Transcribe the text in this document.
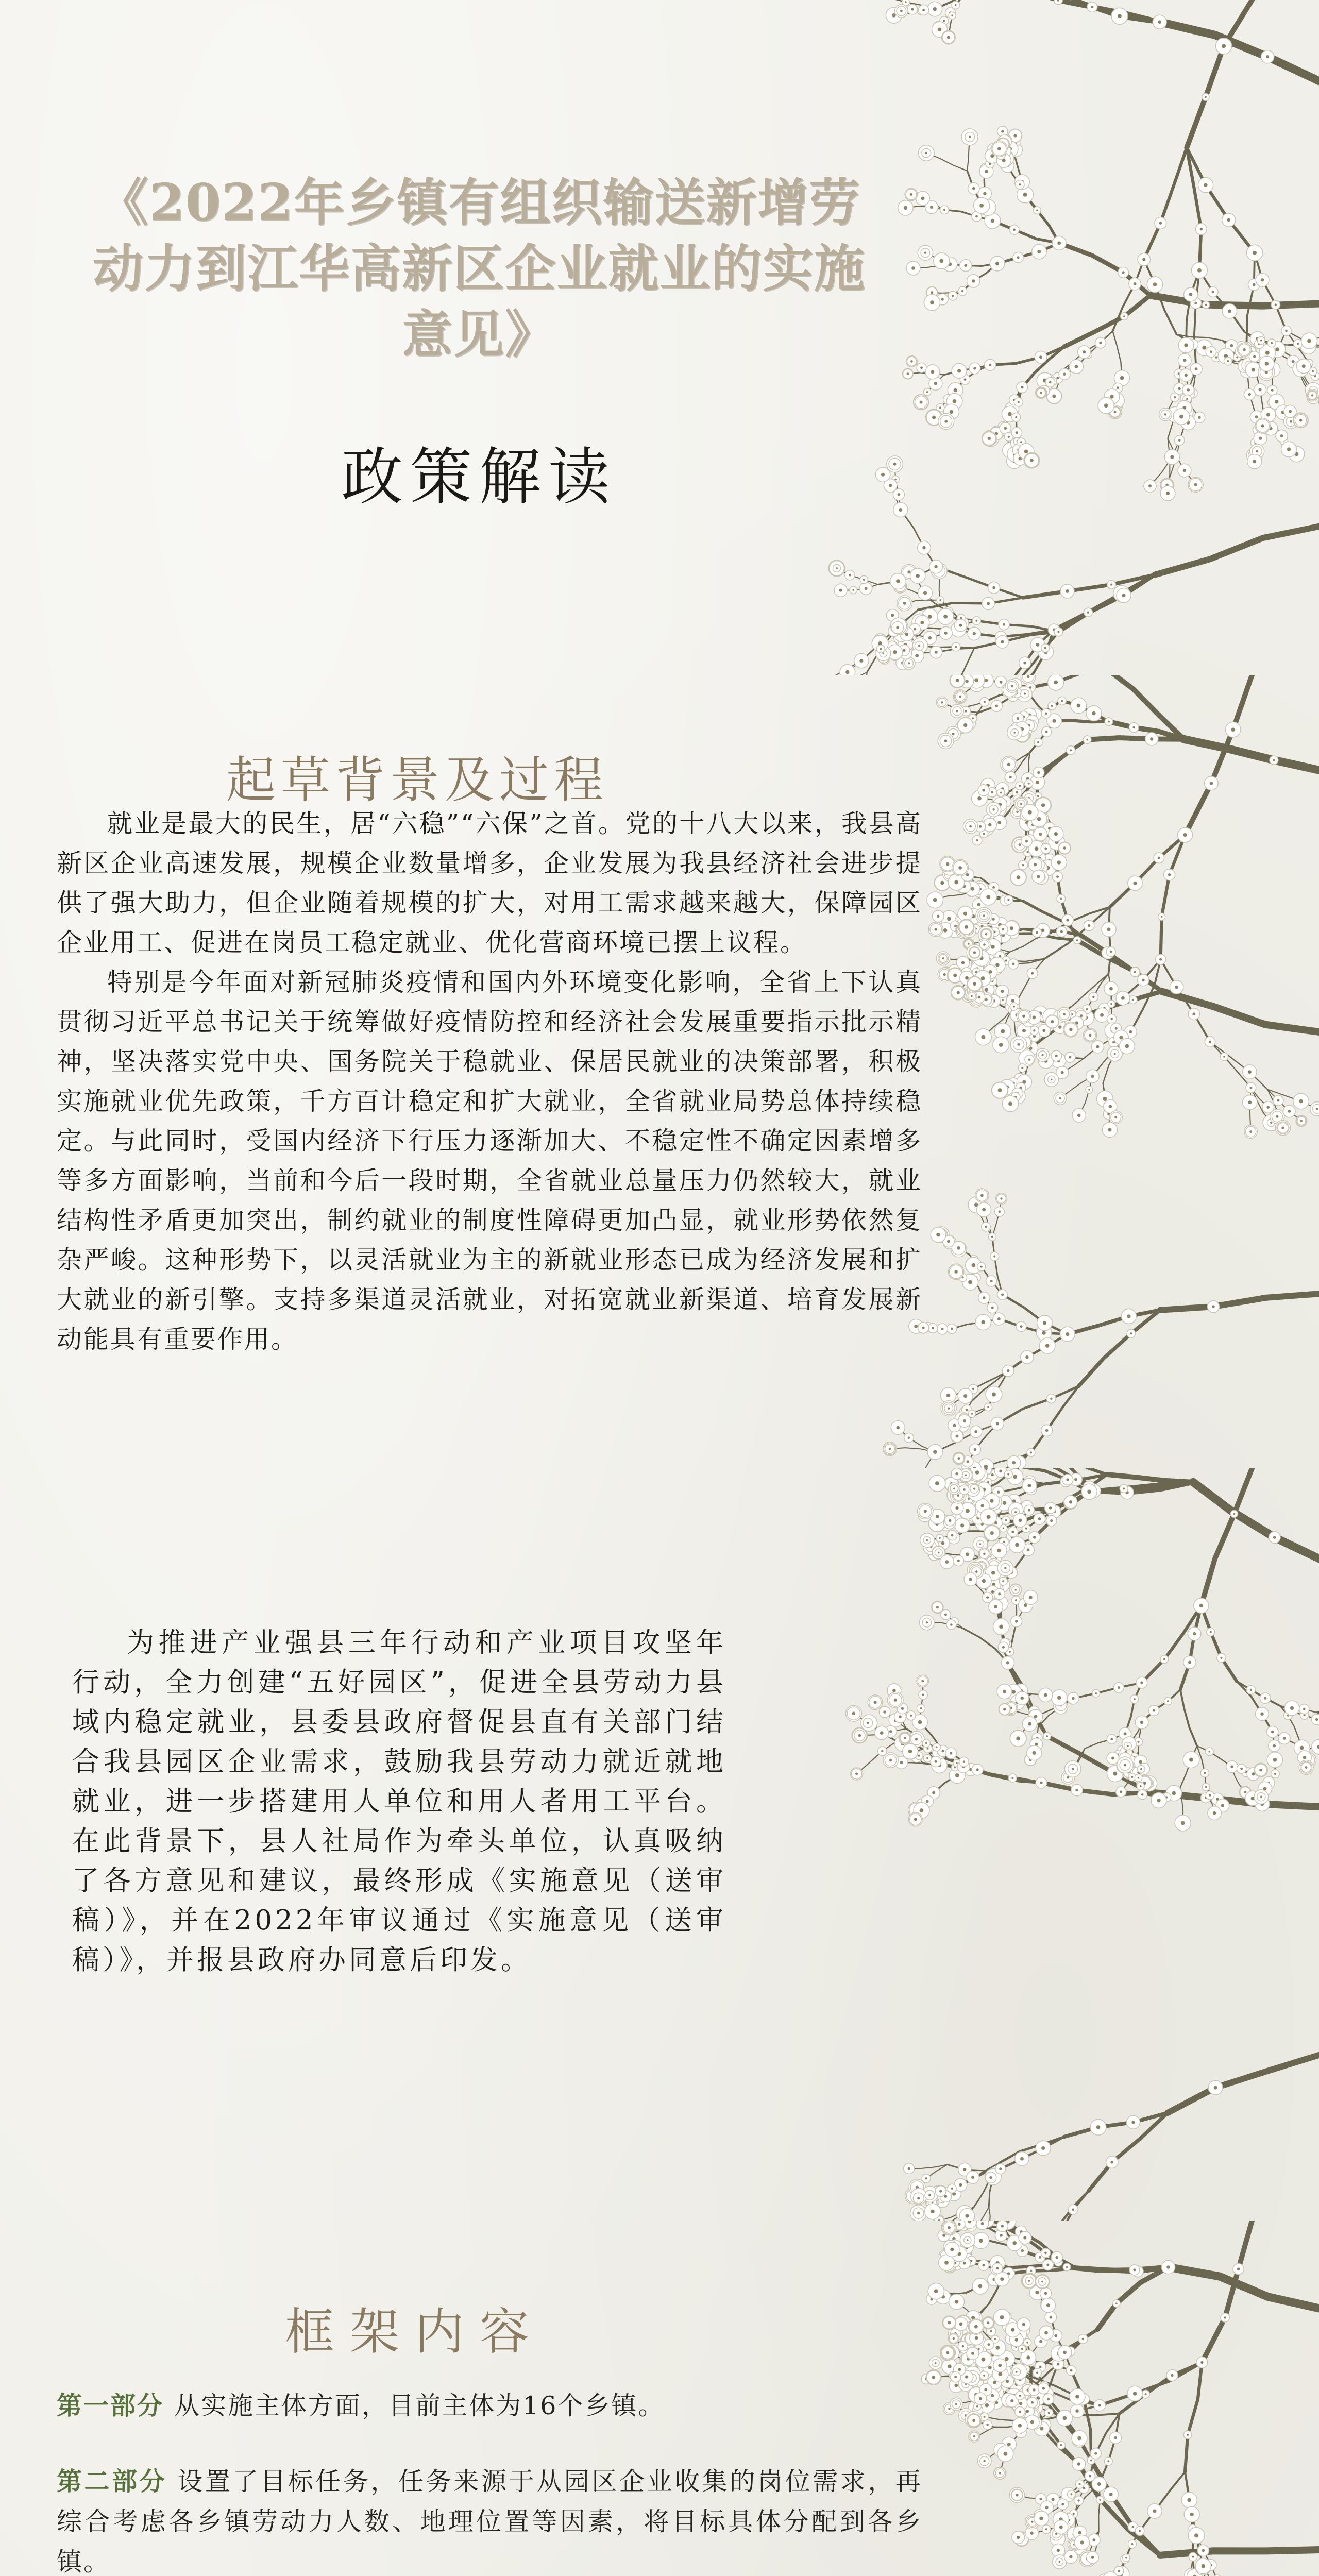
《2022年乡镇有组织输送新增劳动力到江华高新区企业就业的实施意见》
政策解读
起草背景及过程

就业是最大的民生，居“六稳”“六保”之首。党的十八大以来，我县高新区企业高速发展，规模企业数量增多，企业发展为我县经济社会进步提供了强大助力，但企业随着规模的扩大，对用工需求越来越大，保障园区企业用工、促进在岗员工稳定就业、优化营商环境已摆上议程。

特别是今年面对新冠肺炎疫情和国内外环境变化影响，全省上下认真贯彻习近平总书记关于统筹做好疫情防控和经济社会发展重要指示批示精神，坚决落实党中央、国务院关于稳就业、保居民就业的决策部署，积极实施就业优先政策，千方百计稳定和扩大就业，全省就业局势总体持续稳定。与此同时，受国内经济下行压力逐渐加大、不稳定性不确定因素增多等多方面影响，当前和今后一段时期，全省就业总量压力仍然较大，就业结构性矛盾更加突出，制约就业的制度性障碍更加凸显，就业形势依然复杂严峻。这种形势下，以灵活就业为主的新就业形态已成为经济发展和扩大就业的新引擎。支持多渠道灵活就业，对拓宽就业新渠道、培育发展新动能具有重要作用。

为推进产业强县三年行动和产业项目攻坚年行动，全力创建“五好园区”，促进全县劳动力县域内稳定就业，县委县政府督促县直有关部门结合我县园区企业需求，鼓励我县劳动力就近就地就业，进一步搭建用人单位和用人者用工平台。在此背景下，县人社局作为牵头单位，认真吸纳了各方意见和建议，最终形成《实施意见（送审稿）》，并在2022年审议通过《实施意见（送审稿）》，并报县政府办同意后印发。

框架内容

第一部分 从实施主体方面，目前主体为16个乡镇。

第二部分 设置了目标任务，任务来源于从园区企业收集的岗位需求，再综合考虑各乡镇劳动力人数、地理位置等因素，将目标具体分配到各乡镇。
